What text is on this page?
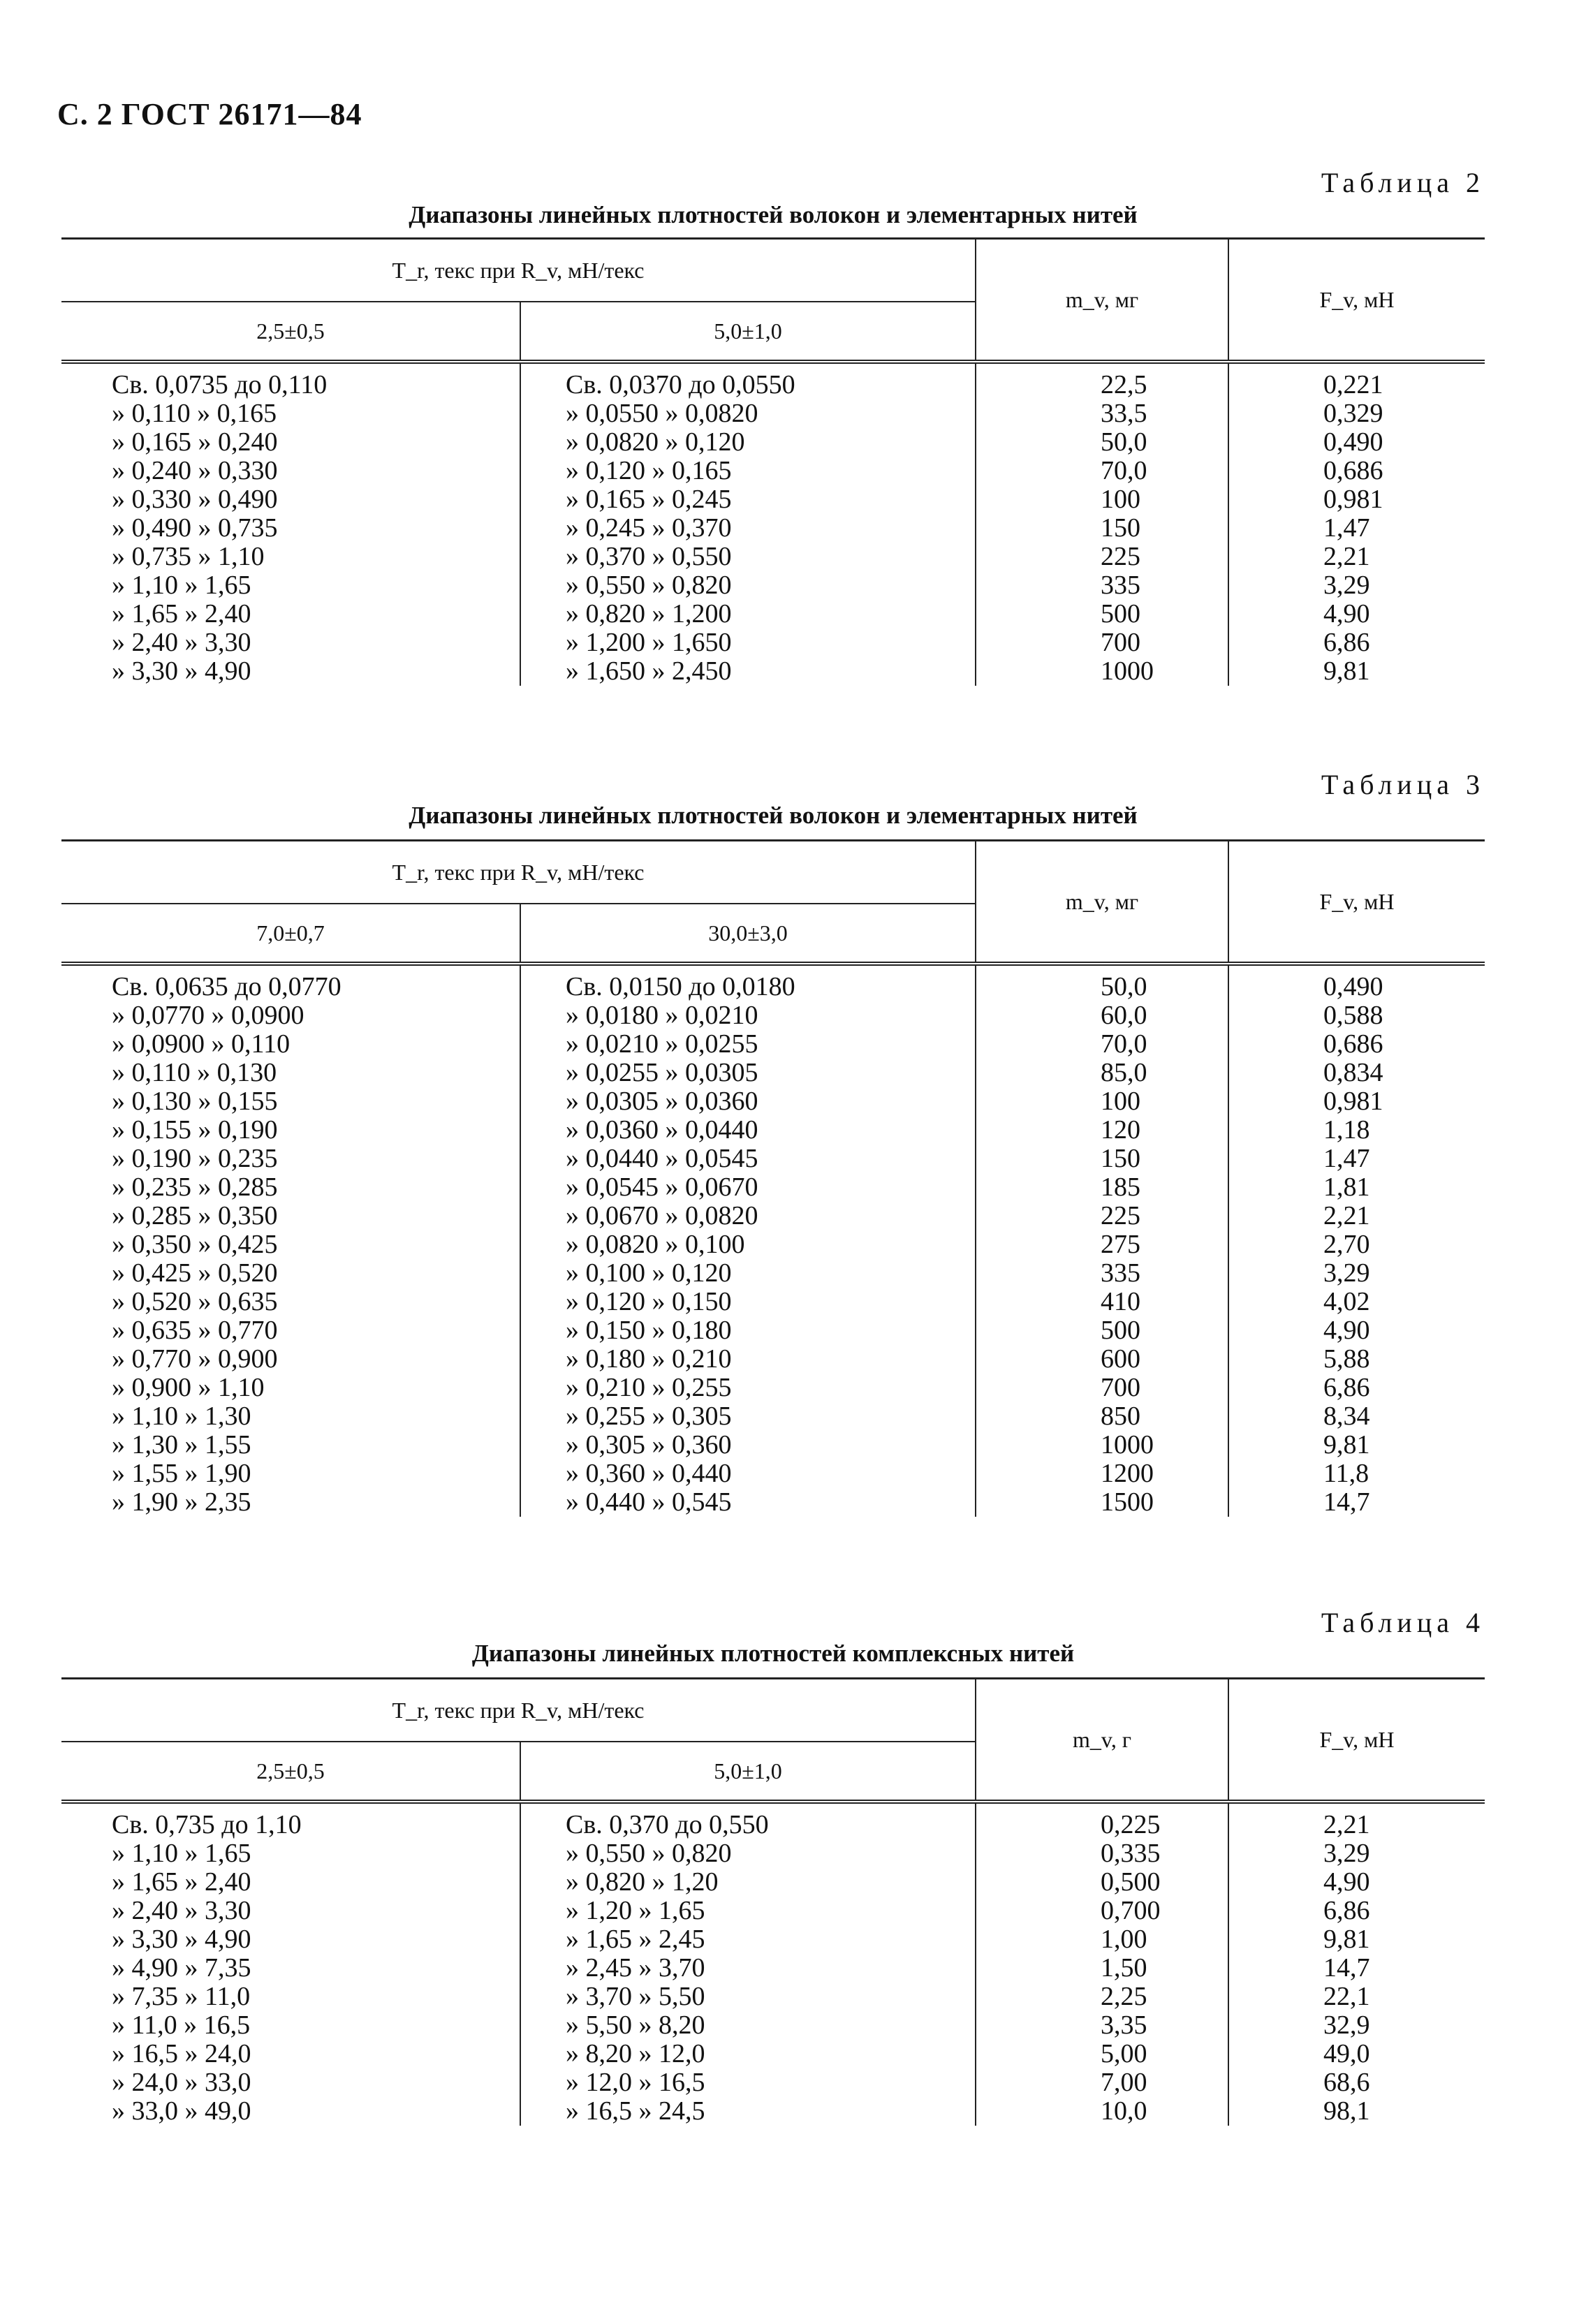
С. 2 ГОСТ 26171—84
Таблица 2
Диапазоны линейных плотностей волокон и элементарных нитей
T_r, текс при R_v, мН/текс		m_v, мг	F_v, мН
2,5±0,5	5,0±1,0		
Св. 0,0735 до 0,110	Св. 0,0370 до 0,0550	22,5	0,221
» 0,110 » 0,165	» 0,0550 » 0,0820	33,5	0,329
» 0,165 » 0,240	» 0,0820 » 0,120	50,0	0,490
» 0,240 » 0,330	» 0,120 » 0,165	70,0	0,686
» 0,330 » 0,490	» 0,165 » 0,245	100	0,981
» 0,490 » 0,735	» 0,245 » 0,370	150	1,47
» 0,735 » 1,10	» 0,370 » 0,550	225	2,21
» 1,10 » 1,65	» 0,550 » 0,820	335	3,29
» 1,65 » 2,40	» 0,820 » 1,200	500	4,90
» 2,40 » 3,30	» 1,200 » 1,650	700	6,86
» 3,30 » 4,90	» 1,650 » 2,450	1000	9,81
Таблица 3
Диапазоны линейных плотностей волокон и элементарных нитей
T_r, текс при R_v, мН/текс		m_v, мг	F_v, мН
7,0±0,7	30,0±3,0		
Св. 0,0635 до 0,0770	Св. 0,0150 до 0,0180	50,0	0,490
» 0,0770 » 0,0900	» 0,0180 » 0,0210	60,0	0,588
» 0,0900 » 0,110	» 0,0210 » 0,0255	70,0	0,686
» 0,110 » 0,130	» 0,0255 » 0,0305	85,0	0,834
» 0,130 » 0,155	» 0,0305 » 0,0360	100	0,981
» 0,155 » 0,190	» 0,0360 » 0,0440	120	1,18
» 0,190 » 0,235	» 0,0440 » 0,0545	150	1,47
» 0,235 » 0,285	» 0,0545 » 0,0670	185	1,81
» 0,285 » 0,350	» 0,0670 » 0,0820	225	2,21
» 0,350 » 0,425	» 0,0820 » 0,100	275	2,70
» 0,425 » 0,520	» 0,100 » 0,120	335	3,29
» 0,520 » 0,635	» 0,120 » 0,150	410	4,02
» 0,635 » 0,770	» 0,150 » 0,180	500	4,90
» 0,770 » 0,900	» 0,180 » 0,210	600	5,88
» 0,900 » 1,10	» 0,210 » 0,255	700	6,86
» 1,10 » 1,30	» 0,255 » 0,305	850	8,34
» 1,30 » 1,55	» 0,305 » 0,360	1000	9,81
» 1,55 » 1,90	» 0,360 » 0,440	1200	11,8
» 1,90 » 2,35	» 0,440 » 0,545	1500	14,7
Таблица 4
Диапазоны линейных плотностей комплексных нитей
T_r, текс при R_v, мН/текс		m_v, г	F_v, мН
2,5±0,5	5,0±1,0		
Св. 0,735 до 1,10	Св. 0,370 до 0,550	0,225	2,21
» 1,10 » 1,65	» 0,550 » 0,820	0,335	3,29
» 1,65 » 2,40	» 0,820 » 1,20	0,500	4,90
» 2,40 » 3,30	» 1,20 » 1,65	0,700	6,86
» 3,30 » 4,90	» 1,65 » 2,45	1,00	9,81
» 4,90 » 7,35	» 2,45 » 3,70	1,50	14,7
» 7,35 » 11,0	» 3,70 » 5,50	2,25	22,1
» 11,0 » 16,5	» 5,50 » 8,20	3,35	32,9
» 16,5 » 24,0	» 8,20 » 12,0	5,00	49,0
» 24,0 » 33,0	» 12,0 » 16,5	7,00	68,6
» 33,0 » 49,0	» 16,5 » 24,5	10,0	98,1
